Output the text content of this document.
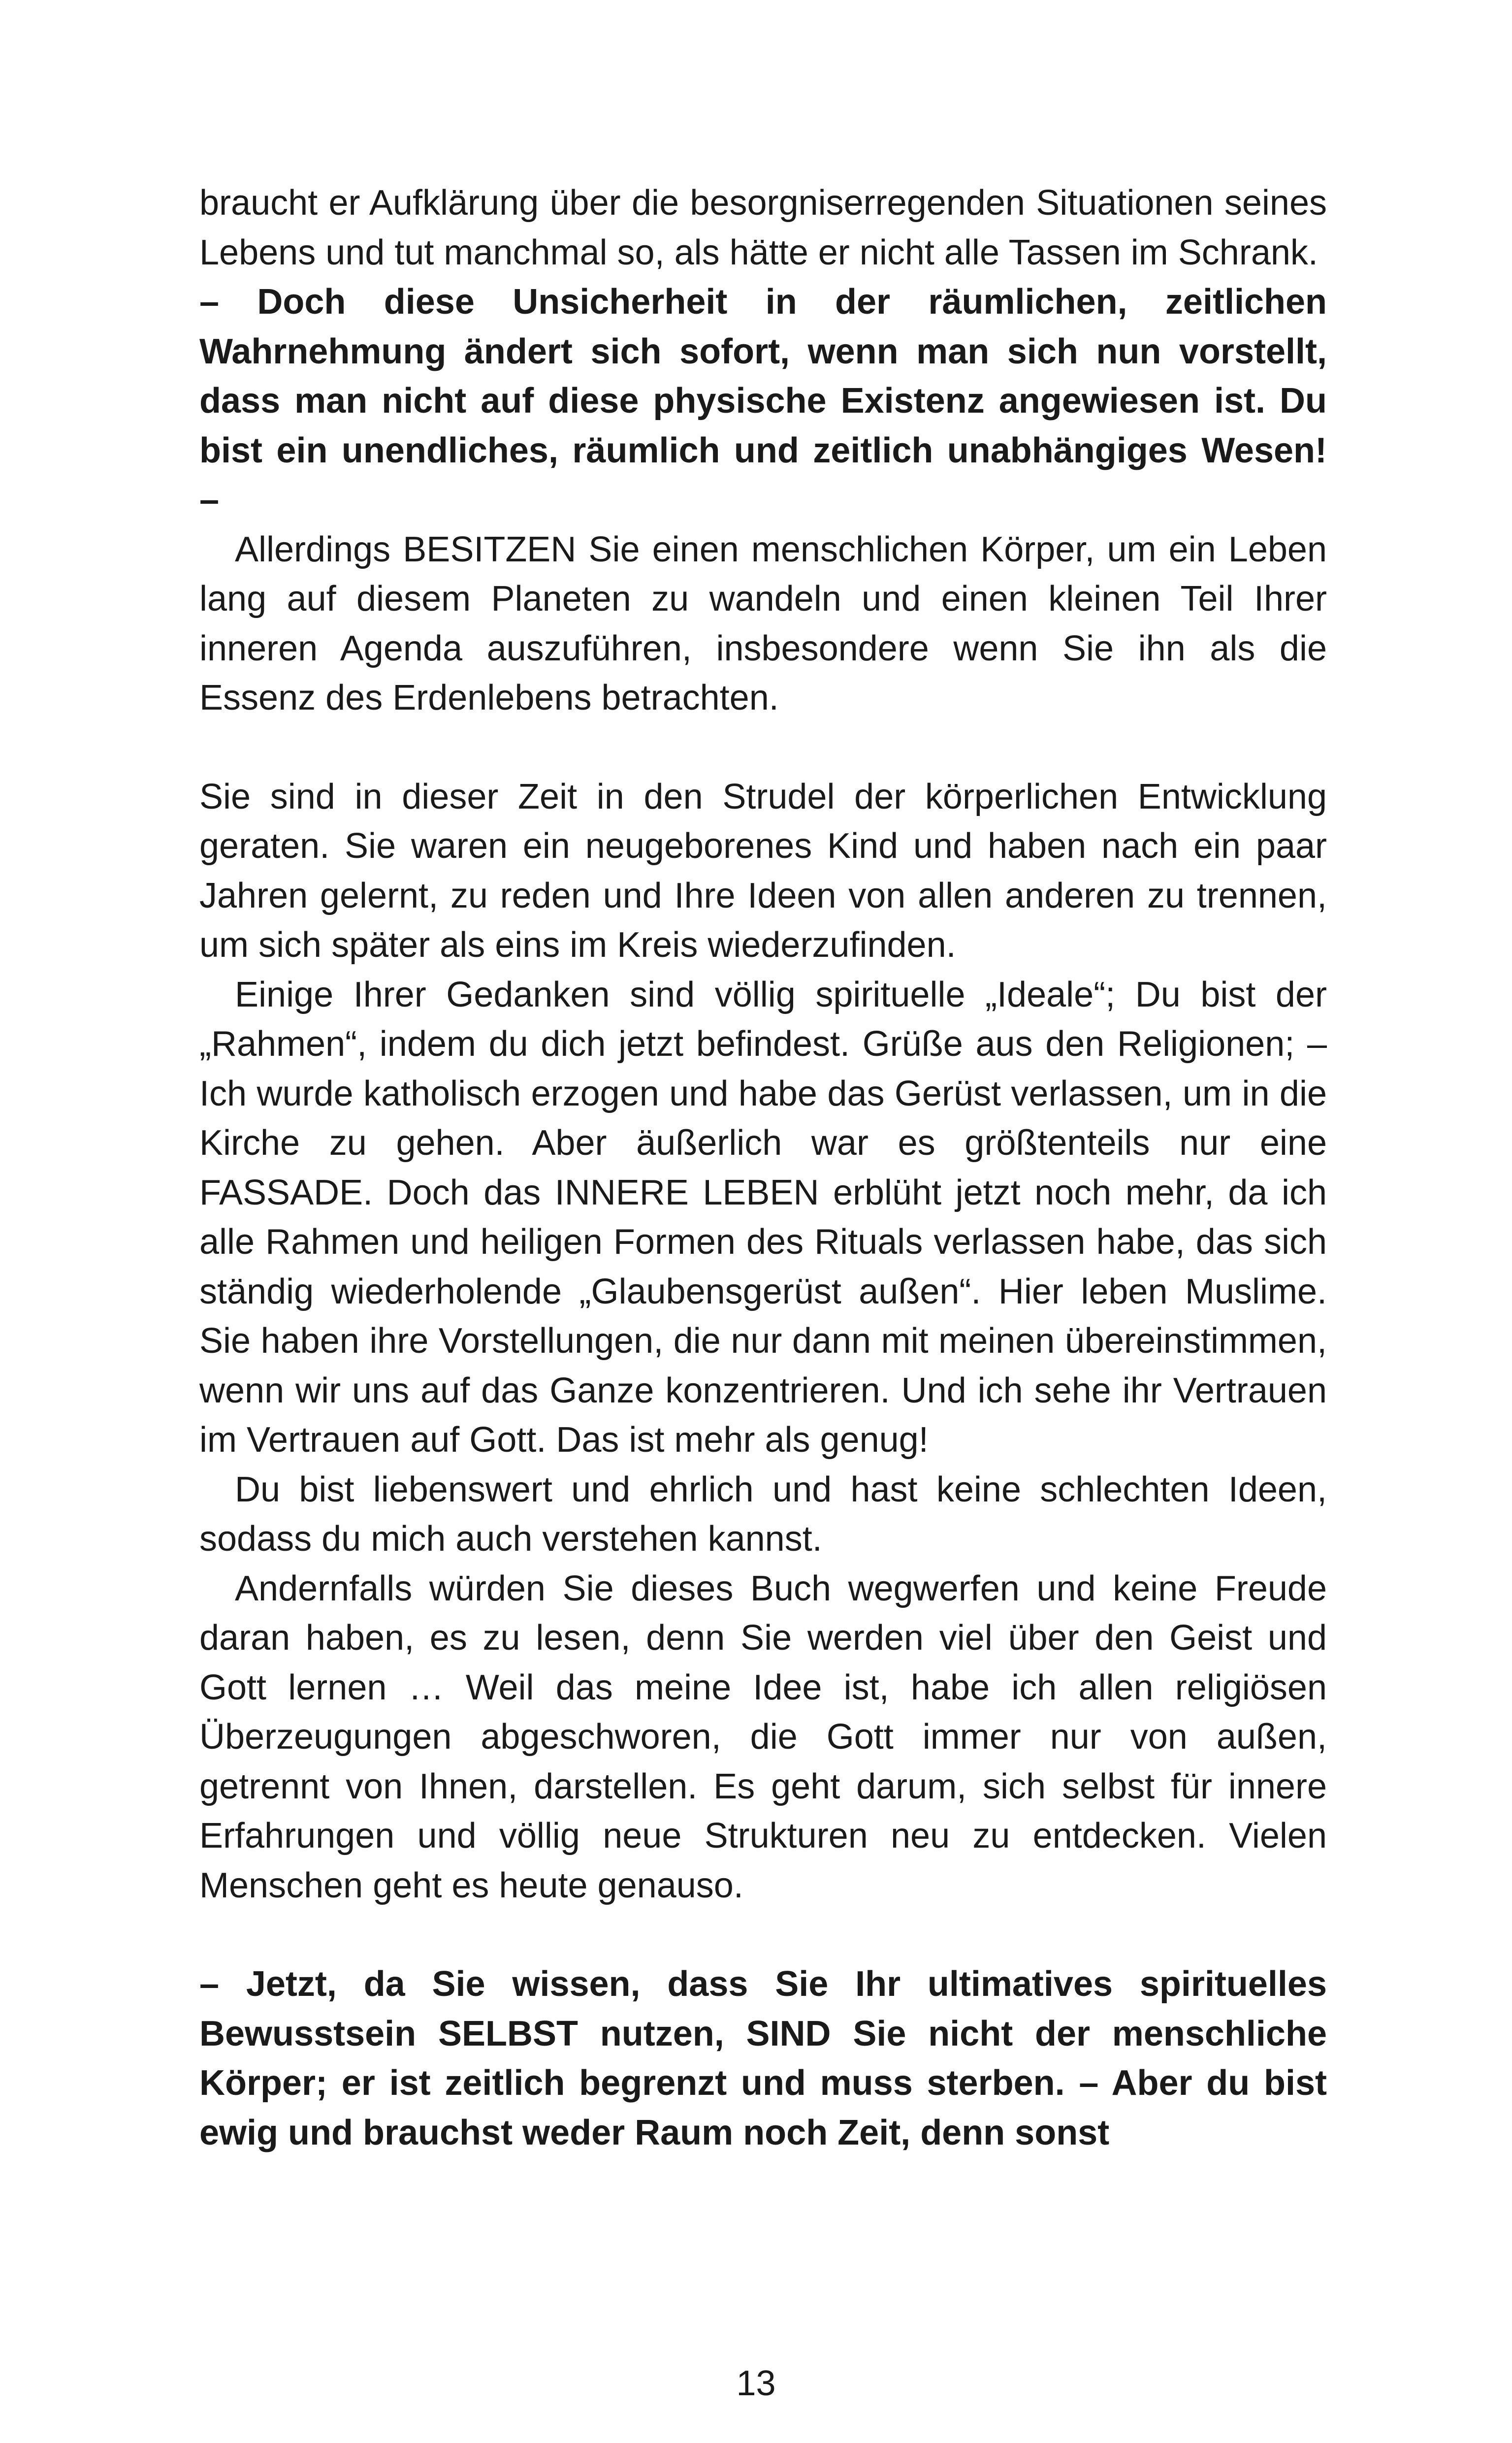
braucht er Aufklärung über die besorgniserregenden Situationen seines Lebens und tut manchmal so, als hätte er nicht alle Tassen im Schrank.

– Doch diese Unsicherheit in der räumlichen, zeitlichen Wahrnehmung ändert sich sofort, wenn man sich nun vorstellt, dass man nicht auf diese physische Existenz angewiesen ist. Du bist ein unendliches, räumlich und zeitlich unabhängiges Wesen! –

Allerdings BESITZEN Sie einen menschlichen Körper, um ein Leben lang auf diesem Planeten zu wandeln und einen kleinen Teil Ihrer inneren Agenda auszuführen, insbesondere wenn Sie ihn als die Essenz des Erdenlebens betrachten.

Sie sind in dieser Zeit in den Strudel der körperlichen Entwicklung geraten. Sie waren ein neugeborenes Kind und haben nach ein paar Jahren gelernt, zu reden und Ihre Ideen von allen anderen zu trennen, um sich später als eins im Kreis wiederzufinden.

Einige Ihrer Gedanken sind völlig spirituelle „Ideale“; Du bist der „Rahmen“, indem du dich jetzt befindest. Grüße aus den Religionen; – Ich wurde katholisch erzogen und habe das Gerüst verlassen, um in die Kirche zu gehen. Aber äußerlich war es größtenteils nur eine FASSADE. Doch das INNERE LEBEN erblüht jetzt noch mehr, da ich alle Rahmen und heiligen Formen des Rituals verlassen habe, das sich ständig wiederholende „Glaubensgerüst außen“. Hier leben Muslime. Sie haben ihre Vorstellungen, die nur dann mit meinen übereinstimmen, wenn wir uns auf das Ganze konzentrieren. Und ich sehe ihr Vertrauen im Vertrauen auf Gott. Das ist mehr als genug!

Du bist liebenswert und ehrlich und hast keine schlechten Ideen, sodass du mich auch verstehen kannst.

Andernfalls würden Sie dieses Buch wegwerfen und keine Freude daran haben, es zu lesen, denn Sie werden viel über den Geist und Gott lernen … Weil das meine Idee ist, habe ich allen religiösen Überzeugungen abgeschworen, die Gott immer nur von außen, getrennt von Ihnen, darstellen. Es geht darum, sich selbst für innere Erfahrungen und völlig neue Strukturen neu zu entdecken. Vielen Menschen geht es heute genauso.

– Jetzt, da Sie wissen, dass Sie Ihr ultimatives spirituelles Bewusstsein SELBST nutzen, SIND Sie nicht der menschliche Körper; er ist zeitlich begrenzt und muss sterben. – Aber du bist ewig und brauchst weder Raum noch Zeit, denn sonst

13
